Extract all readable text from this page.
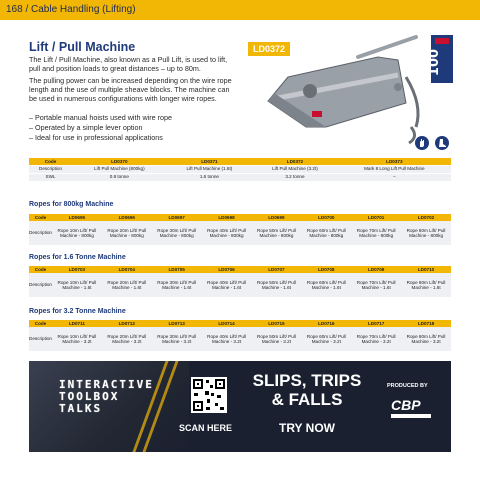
168 / Cable Handling (Lifting)
Lift / Pull Machine

The Lift / Pull Machine, also known as a Pull Lift, is used to lift, pull and position loads to great distances – up to 80m.

The pulling power can be increased depending on the wire rope length and the use of multiple sheave blocks. The machine can be used in numerous configurations with longer wire ropes.

– Portable manual hoists used with wire rope
– Operated by a simple lever option
– Ideal for use in professional applications
LD0372	100
Code	LD0370	LD0371	LD0372	LD0373
Description	Lift Pull Machine (800kg)	Lift Pull Machine (1.6t)	Lift Pull Machine (3.2t)	Mark 8 Long Lift Pull Machine
SWL	0.8 tonne	1.6 tonne	3.2 tonne	–
Ropes for 800kg Machine
Code	LD0695	LD0696	LD0697	LD0698	LD0699	LD0700	LD0701	LD0702
Description	Rope 10m Lift/ Pull Machine - 800kg	Rope 20m Lift/ Pull Machine - 800kg	Rope 30m Lift/ Pull Machine - 800kg	Rope 40m Lift/ Pull Machine - 800kg	Rope 50m Lift/ Pull Machine - 800kg	Rope 60m Lift/ Pull Machine - 800kg	Rope 70m Lift/ Pull Machine - 800kg	Rope 80m Lift/ Pull Machine - 800kg
Ropes for 1.6 Tonne Machine
Code	LD0703	LD0704	LD0705	LD0706	LD0707	LD0708	LD0709	LD0710
Description	Rope 10m Lift/ Pull Machine - 1.6t	Rope 20m Lift/ Pull Machine - 1.6t	Rope 30m Lift/ Pull Machine - 1.6t	Rope 40m Lift/ Pull Machine - 1.6t	Rope 50m Lift/ Pull Machine - 1.6t	Rope 60m Lift/ Pull Machine - 1.6t	Rope 70m Lift/ Pull Machine - 1.6t	Rope 80m Lift/ Pull Machine - 1.6t
Ropes for 3.2 Tonne Machine
Code	LD0711	LD0712	LD0713	LD0714	LD0715	LD0716	LD0717	LD0718
Description	Rope 10m Lift/ Pull Machine - 3.2t	Rope 20m Lift/ Pull Machine - 3.2t	Rope 30m Lift/ Pull Machine - 3.2t	Rope 40m Lift/ Pull Machine - 3.2t	Rope 50m Lift/ Pull Machine - 3.2t	Rope 60m Lift/ Pull Machine - 3.2t	Rope 70m Lift/ Pull Machine - 3.2t	Rope 80m Lift/ Pull Machine - 3.2t
INTERACTIVE
TOOLBOX
TALKS
SCAN HERE
SLIPS, TRIPS
& FALLS
TRY NOW
PRODUCED BY
CBP
